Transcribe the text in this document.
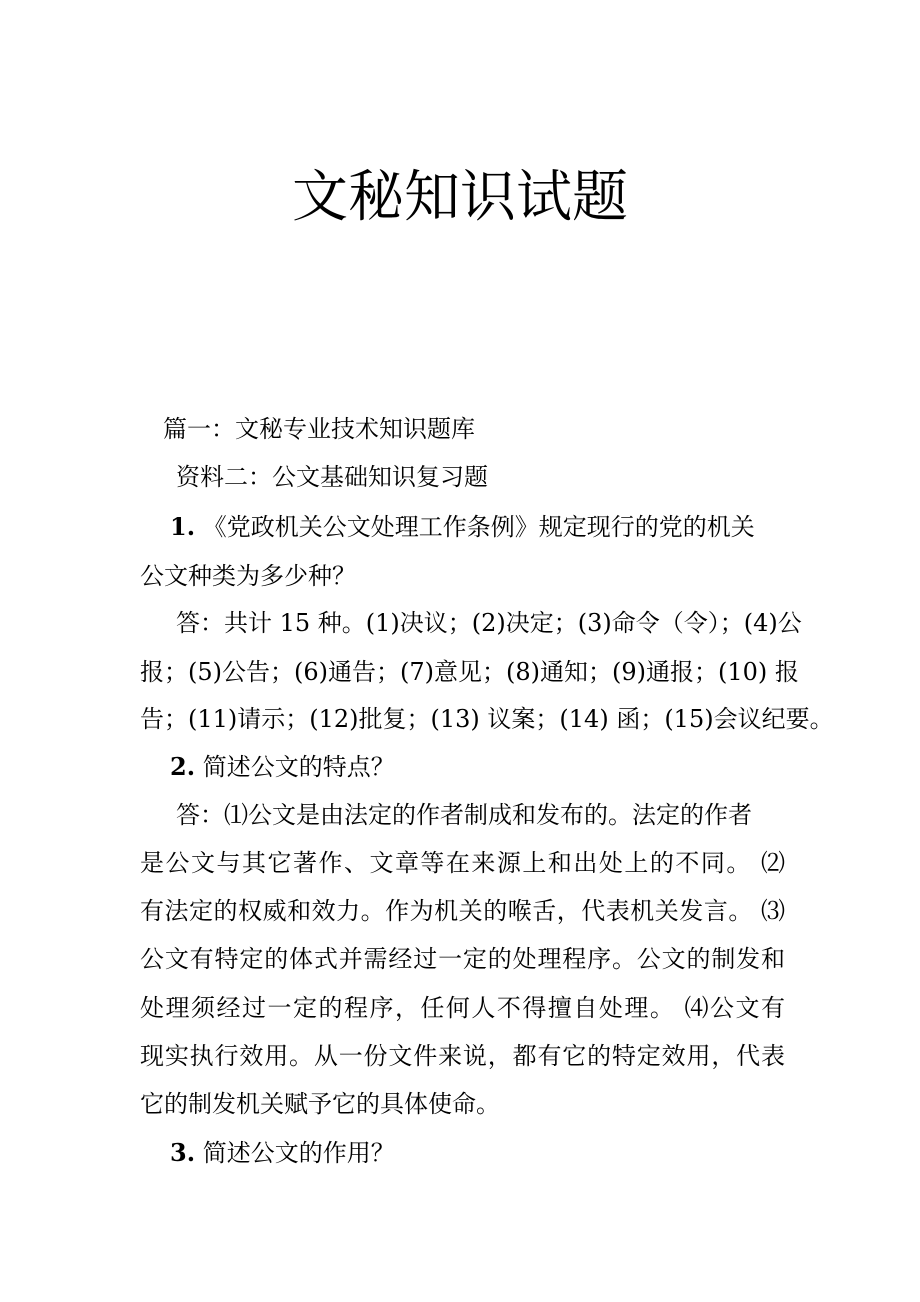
文秘知识试题

篇一：文秘专业技术知识题库

资料二：公文基础知识复习题

1. 《党政机关公文处理工作条例》规定现行的党的机关

公文种类为多少种？

答：共计 15 种。(1)决议；(2)决定；(3)命令（令）；(4)公

报；(5)公告；(6)通告；(7)意见；(8)通知；(9)通报；(10) 报

告；(11)请示；(12)批复；(13) 议案；(14) 函；(15)会议纪要。

2. 简述公文的特点？

答：⑴公文是由法定的作者制成和发布的。法定的作者

是公文与其它著作、文章等在来源上和出处上的不同。 ⑵

有法定的权威和效力。作为机关的喉舌，代表机关发言。 ⑶

公文有特定的体式并需经过一定的处理程序。公文的制发和

处理须经过一定的程序，任何人不得擅自处理。 ⑷公文有

现实执行效用。从一份文件来说，都有它的特定效用，代表

它的制发机关赋予它的具体使命。

3. 简述公文的作用？
